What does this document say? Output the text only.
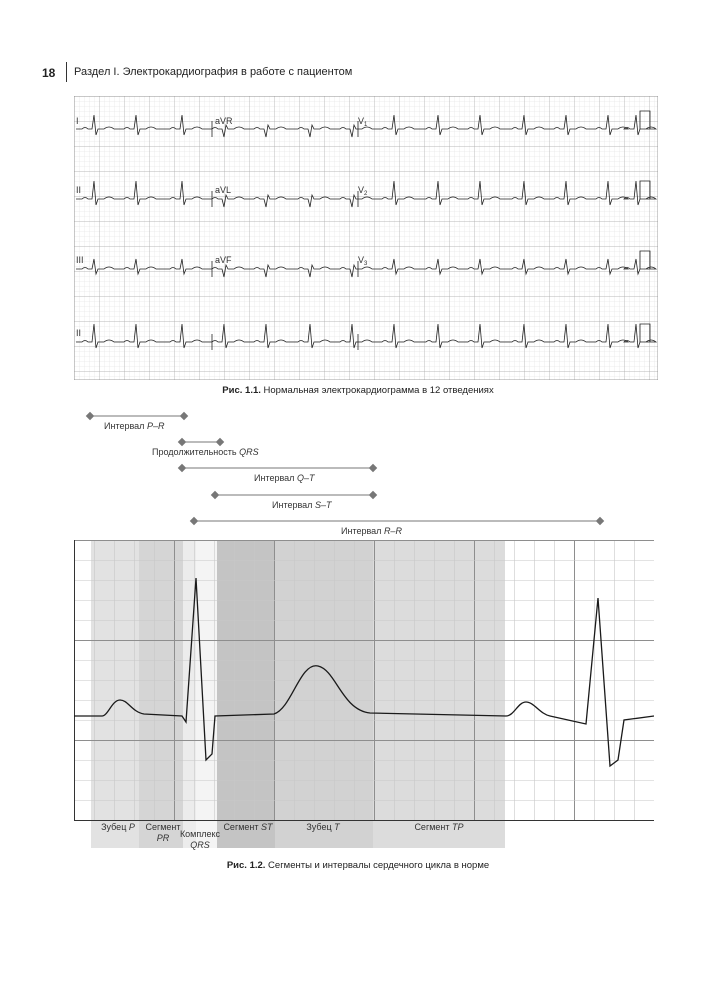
18 Раздел I. Электрокардиография в работе с пациентом
I	aVR	$V_1$
II	aVL	$V_2$
III	aVF	$V_3$
II
Рис. 1.1. Нормальная электрокардиограмма в 12 отведениях
Интервал P–R
Продолжительность QRS
Интервал Q–T
Интервал S–T
Интервал R–R
Зубец P	Сегмент
PR	Комплекс
QRS
Сегмент ST	Зубец T	Сегмент TP
Рис. 1.2. Сегменты и интервалы сердечного цикла в норме
